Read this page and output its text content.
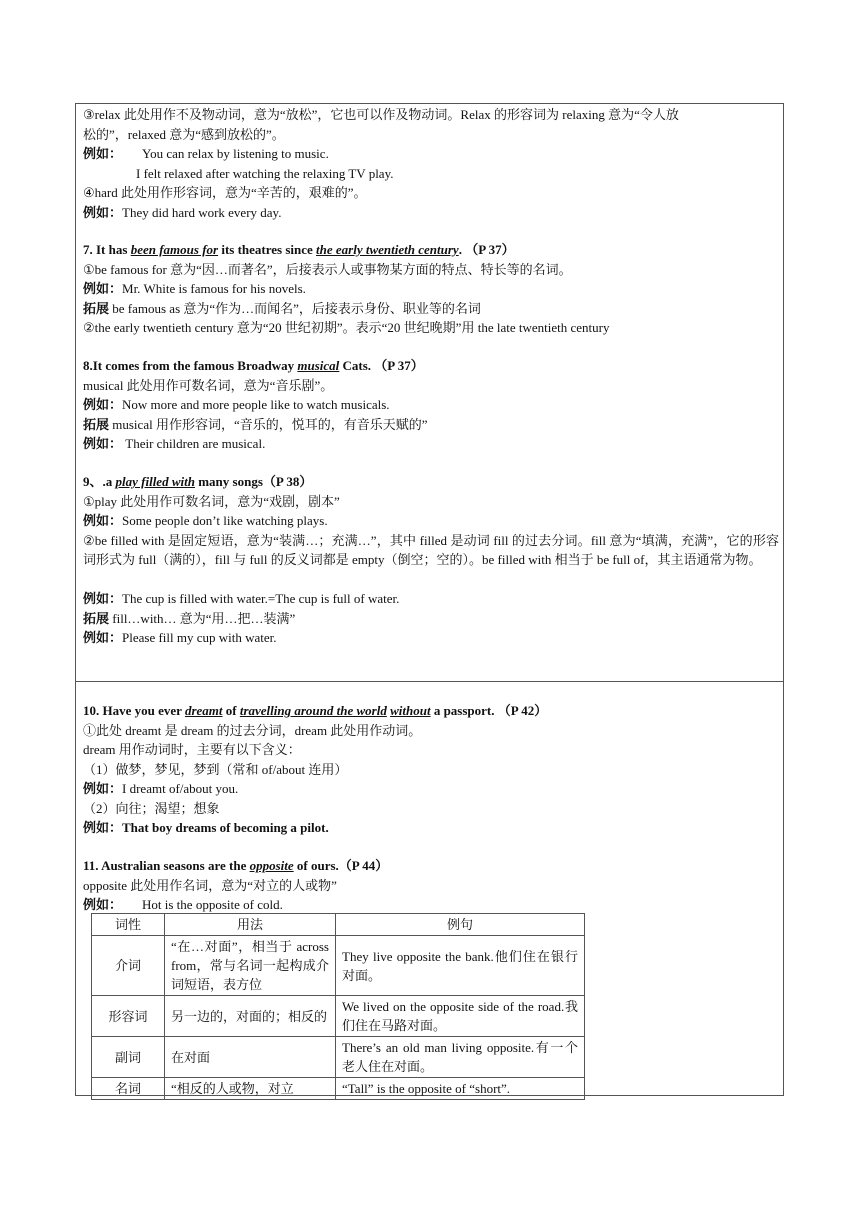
③relax 此处用作不及物动词，意为“放松”，它也可以作及物动词。Relax 的形容词为 relaxing 意为“令人放
松的”，relaxed 意为“感到放松的”。
例如： You can relax by listening to music.
I felt relaxed after watching the relaxing TV play.
④hard 此处用作形容词，意为“辛苦的，艰难的”。
例如：They did hard work every day.
7. It has been famous for its theatres since the early twentieth century. （P 37）
①be famous for 意为“因…而著名”，后接表示人或事物某方面的特点、特长等的名词。
例如：Mr. White is famous for his novels.
拓展 be famous as 意为“作为…而闻名”，后接表示身份、职业等的名词
②the early twentieth century 意为“20 世纪初期”。表示“20 世纪晚期”用 the late twentieth century
8.It comes from the famous Broadway musical Cats. （P 37）
musical 此处用作可数名词，意为“音乐剧”。
例如：Now more and more people like to watch musicals.
拓展 musical 用作形容词，“音乐的，悦耳的，有音乐天赋的”
例如： Their children are musical.
9、.a play filled with many songs（P 38）
①play 此处用作可数名词，意为“戏剧，剧本”
例如：Some people don’t like watching plays.
②be filled with 是固定短语，意为“装满…；充满…”，其中 filled 是动词 fill 的过去分词。fill 意为“填满，充满”，它的形容词形式为 full（满的），fill 与 full 的反义词都是 empty（倒空；空的）。be filled with 相当于 be full of，其主语通常为物。
例如：The cup is filled with water.=The cup is full of water.
拓展 fill…with… 意为“用…把…装满”
例如：Please fill my cup with water.
10. Have you ever dreamt of travelling around the world without a passport. （P 42）
①此处 dreamt 是 dream 的过去分词，dream 此处用作动词。
dream 用作动词时，主要有以下含义：
（1）做梦，梦见，梦到（常和 of/about 连用）
例如：I dreamt of/about you.
（2）向往；渴望；想象
例如：That boy dreams of becoming a pilot.
11. Australian seasons are the opposite of ours.（P 44）
opposite 此处用作名词，意为“对立的人或物”
例如： Hot is the opposite of cold.
词性	用法	例句
介词	“在…对面”，相当于 across from，常与名词一起构成介词短语，表方位	They live opposite the bank.他们住在银行对面。
形容词	另一边的，对面的；相反的	We lived on the opposite side of the road.我们住在马路对面。
副词	在对面	There’s an old man living opposite.有一个老人住在对面。
名词	“相反的人或物，对立	“Tall” is the opposite of “short”.
